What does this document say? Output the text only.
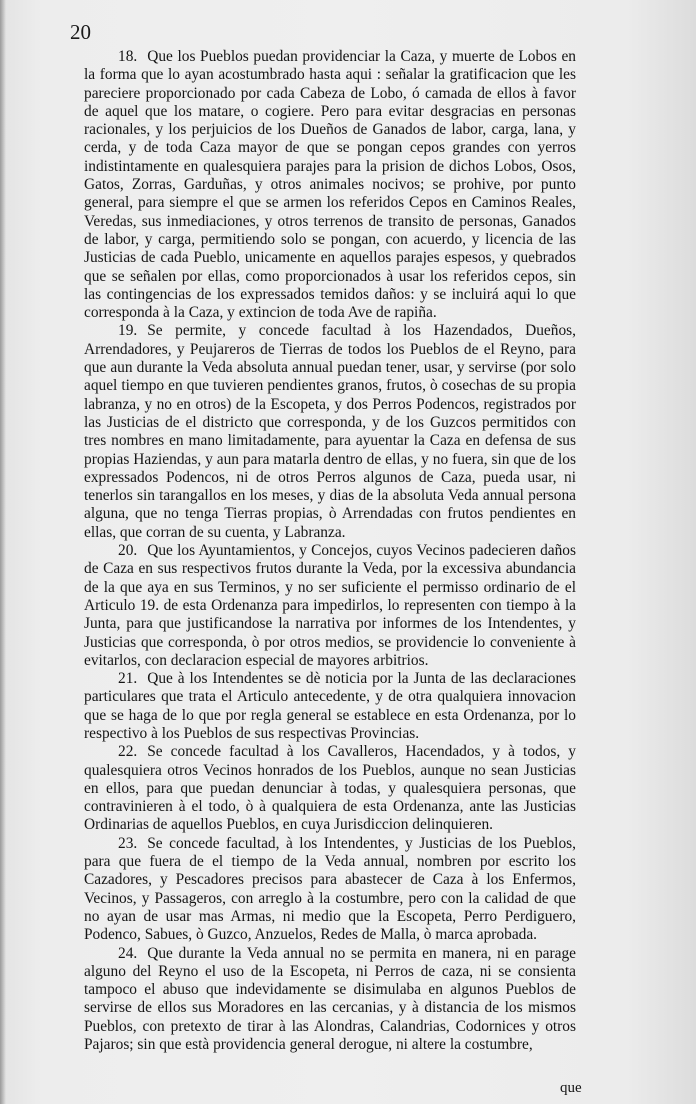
20

18. Que los Pueblos puedan providenciar la Caza, y muerte de Lobos en la forma que lo ayan acostumbrado hasta aqui : señalar la gratificacion que les pareciere proporcionado por cada Cabeza de Lobo, ó camada de ellos à favor de aquel que los matare, o cogiere. Pero para evitar desgracias en personas racionales, y los perjuicios de los Dueños de Ganados de labor, carga, lana, y cerda, y de toda Caza mayor de que se pongan cepos grandes con yerros indistintamente en qualesquiera parajes para la prision de dichos Lobos, Osos, Gatos, Zorras, Garduñas, y otros animales nocivos; se prohive, por punto general, para siempre el que se armen los referidos Cepos en Caminos Reales, Veredas, sus inmediaciones, y otros terrenos de transito de personas, Ganados de labor, y carga, permitiendo solo se pongan, con acuerdo, y licencia de las Justicias de cada Pueblo, unicamente en aquellos parajes espesos, y quebrados que se señalen por ellas, como proporcionados à usar los referidos cepos, sin las contingencias de los expressados temidos daños: y se incluirá aqui lo que corresponda à la Caza, y extincion de toda Ave de rapiña.

19. Se permite, y concede facultad à los Hazendados, Dueños, Arrendadores, y Peujareros de Tierras de todos los Pueblos de el Reyno, para que aun durante la Veda absoluta annual puedan tener, usar, y servirse (por solo aquel tiempo en que tuvieren pendientes granos, frutos, ò cosechas de su propia labranza, y no en otros) de la Escopeta, y dos Perros Podencos, registrados por las Justicias de el districto que corresponda, y de los Guzcos permitidos con tres nombres en mano limitadamente, para ayuentar la Caza en defensa de sus propias Haziendas, y aun para matarla dentro de ellas, y no fuera, sin que de los expressados Podencos, ni de otros Perros algunos de Caza, pueda usar, ni tenerlos sin tarangallos en los meses, y dias de la absoluta Veda annual persona alguna, que no tenga Tierras propias, ò Arrendadas con frutos pendientes en ellas, que corran de su cuenta, y Labranza.

20. Que los Ayuntamientos, y Concejos, cuyos Vecinos padecieren daños de Caza en sus respectivos frutos durante la Veda, por la excessiva abundancia de la que aya en sus Terminos, y no ser suficiente el permisso ordinario de el Articulo 19. de esta Ordenanza para impedirlos, lo representen con tiempo à la Junta, para que justificandose la narrativa por informes de los Intendentes, y Justicias que corresponda, ò por otros medios, se providencie lo conveniente à evitarlos, con declaracion especial de mayores arbitrios.

21. Que à los Intendentes se dè noticia por la Junta de las declaraciones particulares que trata el Articulo antecedente, y de otra qualquiera innovacion que se haga de lo que por regla general se establece en esta Ordenanza, por lo respectivo à los Pueblos de sus respectivas Provincias.

22. Se concede facultad à los Cavalleros, Hacendados, y à todos, y qualesquiera otros Vecinos honrados de los Pueblos, aunque no sean Justicias en ellos, para que puedan denunciar à todas, y qualesquiera personas, que contravinieren à el todo, ò à qualquiera de esta Ordenanza, ante las Justicias Ordinarias de aquellos Pueblos, en cuya Jurisdiccion delinquieren.

23. Se concede facultad, à los Intendentes, y Justicias de los Pueblos, para que fuera de el tiempo de la Veda annual, nombren por escrito los Cazadores, y Pescadores precisos para abastecer de Caza à los Enfermos, Vecinos, y Passageros, con arreglo à la costumbre, pero con la calidad de que no ayan de usar mas Armas, ni medio que la Escopeta, Perro Perdiguero, Podenco, Sabues, ò Guzco, Anzuelos, Redes de Malla, ò marca aprobada.

24. Que durante la Veda annual no se permita en manera, ni en parage alguno del Reyno el uso de la Escopeta, ni Perros de caza, ni se consienta tampoco el abuso que indevidamente se disimulaba en algunos Pueblos de servirse de ellos sus Moradores en las cercanias, y à distancia de los mismos Pueblos, con pretexto de tirar à las Alondras, Calandrias, Codornices y otros Pajaros; sin que està providencia general derogue, ni altere la costumbre,

que
